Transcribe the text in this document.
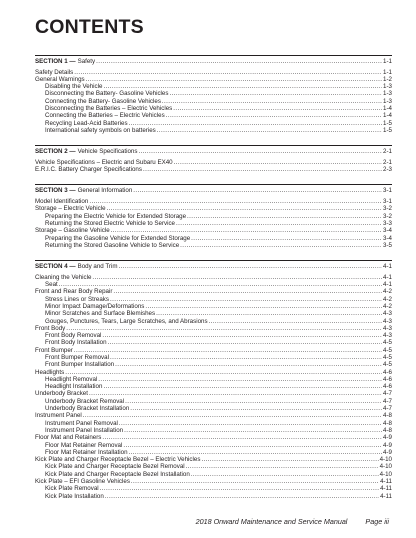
CONTENTS
SECTION 1 — Safety .....	1-1
Safety Details .....	1-1
General Warnings .....	1-2
Disabling the Vehicle .....	1-3
Disconnecting the Battery- Gasoline Vehicles .....	1-3
Connecting the Battery- Gasoline Vehicles .....	1-3
Disconnecting the Batteries – Electric Vehicles .....	1-4
Connecting the Batteries – Electric Vehicles .....	1-4
Recycling Lead-Acid Batteries .....	1-5
International safety symbols on batteries .....	1-5
SECTION 2 — Vehicle Specifications .....	2-1
Vehicle Specifications – Electric and Subaru EX40 .....	2-1
E.R.I.C. Battery Charger Specifications .....	2-3
SECTION 3 — General Information .....	3-1
Model Identification .....	3-1
Storage – Electric Vehicle .....	3-2
Preparing the Electric Vehicle for Extended Storage .....	3-2
Returning the Stored Electric Vehicle to Service .....	3-3
Storage – Gasoline Vehicle .....	3-4
Preparing the Gasoline Vehicle for Extended Storage .....	3-4
Returning the Stored Gasoline Vehicle to Service .....	3-5
SECTION 4 — Body and Trim .....	4-1
Cleaning the Vehicle .....	4-1
Seat .....	4-1
Front and Rear Body Repair .....	4-2
Stress Lines or Streaks .....	4-2
Minor Impact Damage/Deformations .....	4-2
Minor Scratches and Surface Blemishes .....	4-3
Gouges, Punctures, Tears, Large Scratches, and Abrasions .....	4-3
Front Body .....	4-3
Front Body Removal .....	4-3
Front Body Installation .....	4-5
Front Bumper .....	4-5
Front Bumper Removal .....	4-5
Front Bumper Installation .....	4-5
Headlights .....	4-6
Headlight Removal .....	4-6
Headlight Installation .....	4-6
Underbody Bracket .....	4-7
Underbody Bracket Removal .....	4-7
Underbody Bracket Installation .....	4-7
Instrument Panel .....	4-8
Instrument Panel Removal .....	4-8
Instrument Panel Installation .....	4-8
Floor Mat and Retainers .....	4-9
Floor Mat Retainer Removal .....	4-9
Floor Mat Retainer Installation .....	4-9
Kick Plate and Charger Receptacle Bezel – Electric Vehicles .....	4-10
Kick Plate and Charger Receptacle Bezel Removal .....	4-10
Kick Plate and Charger Receptacle Bezel Installation .....	4-10
Kick Plate – EFI Gasoline Vehicles .....	4-11
Kick Plate Removal .....	4-11
Kick Plate Installation .....	4-11
2018 Onward Maintenance and Service Manual	Page iii
